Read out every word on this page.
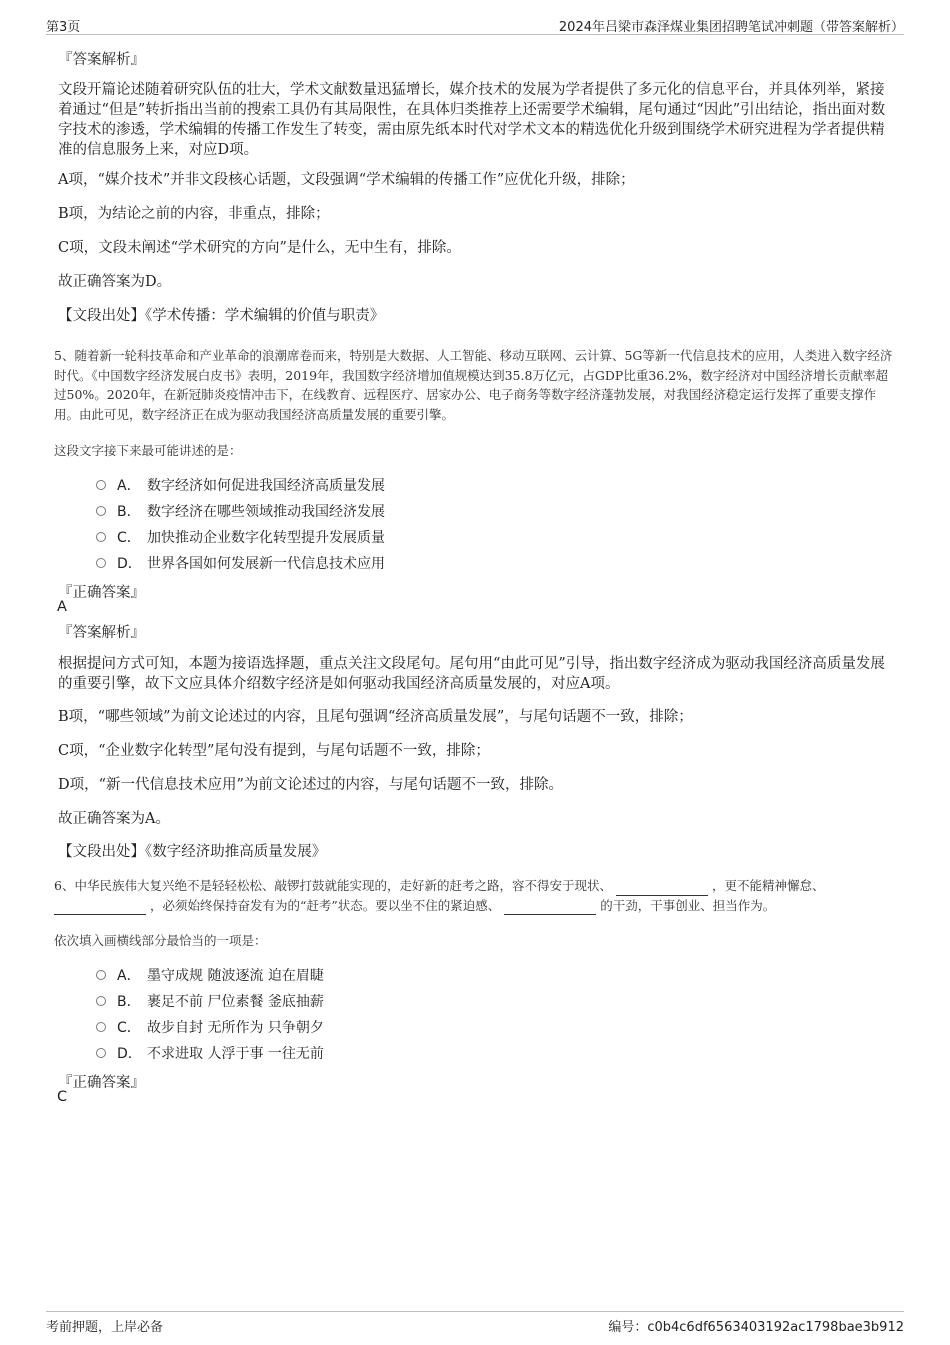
第3页	2024年吕梁市森泽煤业集团招聘笔试冲刺题（带答案解析）
『答案解析』

文段开篇论述随着研究队伍的壮大，学术文献数量迅猛增长，媒介技术的发展为学者提供了多元化的信息平台，并具体列举，紧接着通过“但是”转折指出当前的搜索工具仍有其局限性，在具体归类推荐上还需要学术编辑，尾句通过“因此”引出结论，指出面对数字技术的渗透，学术编辑的传播工作发生了转变，需由原先纸本时代对学术文本的精选优化升级到围绕学术研究进程为学者提供精准的信息服务上来，对应D项。

A项，“媒介技术”并非文段核心话题，文段强调“学术编辑的传播工作”应优化升级，排除；
B项，为结论之前的内容，非重点，排除；
C项，文段未阐述“学术研究的方向”是什么，无中生有，排除。
故正确答案为D。
【文段出处】《学术传播：学术编辑的价值与职责》

5、随着新一轮科技革命和产业革命的浪潮席卷而来，特别是大数据、人工智能、移动互联网、云计算、5G等新一代信息技术的应用，人类进入数字经济时代。《中国数字经济发展白皮书》表明，2019年，我国数字经济增加值规模达到35.8万亿元，占GDP比重36.2%，数字经济对中国经济增长贡献率超过50%。2020年，在新冠肺炎疫情冲击下，在线教育、远程医疗、居家办公、电子商务等数字经济蓬勃发展，对我国经济稳定运行发挥了重要支撑作用。由此可见，数字经济正在成为驱动我国经济高质量发展的重要引擎。

这段文字接下来最可能讲述的是：
A． 数字经济如何促进我国经济高质量发展
B． 数字经济在哪些领域推动我国经济发展
C． 加快推动企业数字化转型提升发展质量
D． 世界各国如何发展新一代信息技术应用
『正确答案』
A
『答案解析』

根据提问方式可知，本题为接语选择题，重点关注文段尾句。尾句用“由此可见”引导，指出数字经济成为驱动我国经济高质量发展的重要引擎，故下文应具体介绍数字经济是如何驱动我国经济高质量发展的，对应A项。

B项，“哪些领域”为前文论述过的内容，且尾句强调“经济高质量发展”，与尾句话题不一致，排除；
C项，“企业数字化转型”尾句没有提到，与尾句话题不一致，排除；
D项，“新一代信息技术应用”为前文论述过的内容，与尾句话题不一致，排除。
故正确答案为A。
【文段出处】《数字经济助推高质量发展》

6、中华民族伟大复兴绝不是轻轻松松、敲锣打鼓就能实现的，走好新的赶考之路，容不得安于现状、	，更不能精神懈怠、
，必须始终保持奋发有为的“赶考”状态。要以坐不住的紧迫感、	的干劲，干事创业、担当作为。

依次填入画横线部分最恰当的一项是：
A． 墨守成规 随波逐流 迫在眉睫
B． 裹足不前 尸位素餐 釜底抽薪
C． 故步自封 无所作为 只争朝夕
D． 不求进取 人浮于事 一往无前
『正确答案』
C
考前押题，上岸必备	编号：c0b4c6df6563403192ac1798bae3b912
